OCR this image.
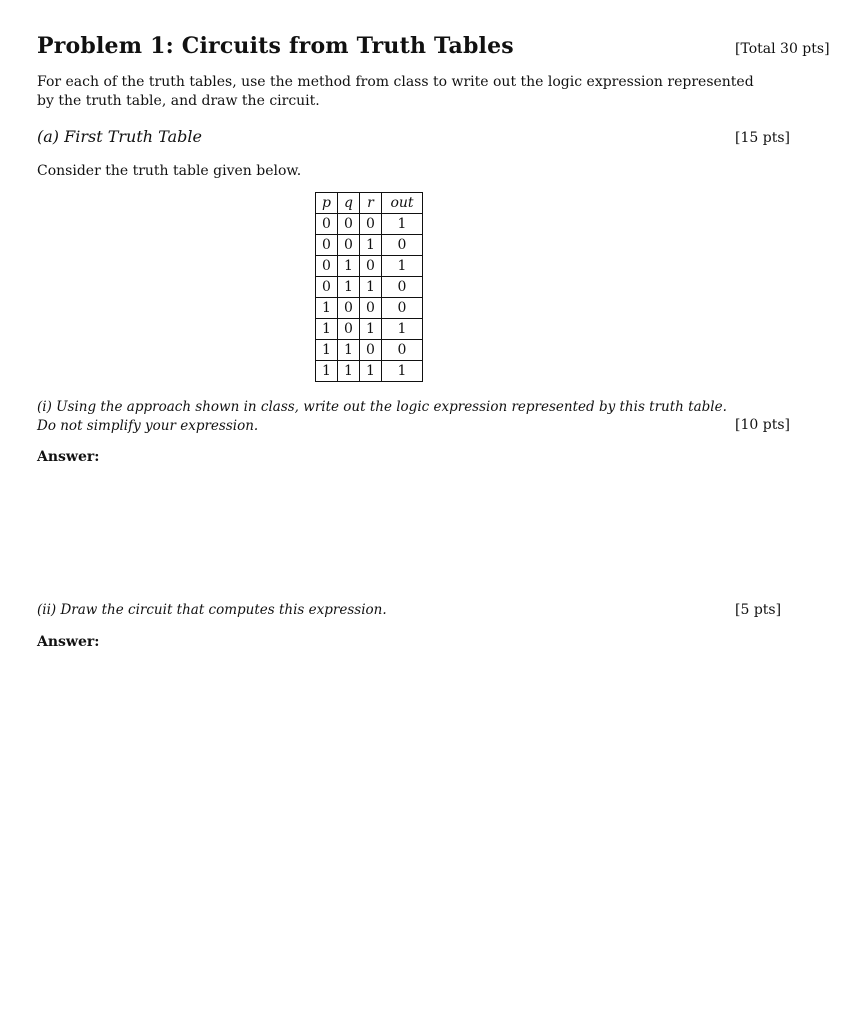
Problem 1: Circuits from Truth Tables	[Total 30 pts]
For each of the truth tables, use the method from class to write out the logic expression represented
by the truth table, and draw the circuit.
(a) First Truth Table	[15 pts]
Consider the truth table given below.
p	q	r	out
0	0	0	1
0	0	1	0
0	1	0	1
0	1	1	0
1	0	0	0
1	0	1	1
1	1	0	0
1	1	1	1
(i) Using the approach shown in class, write out the logic expression represented by this truth table.
Do not simplify your expression.	[10 pts]
Answer:
(ii) Draw the circuit that computes this expression.	[5 pts]
Answer:
